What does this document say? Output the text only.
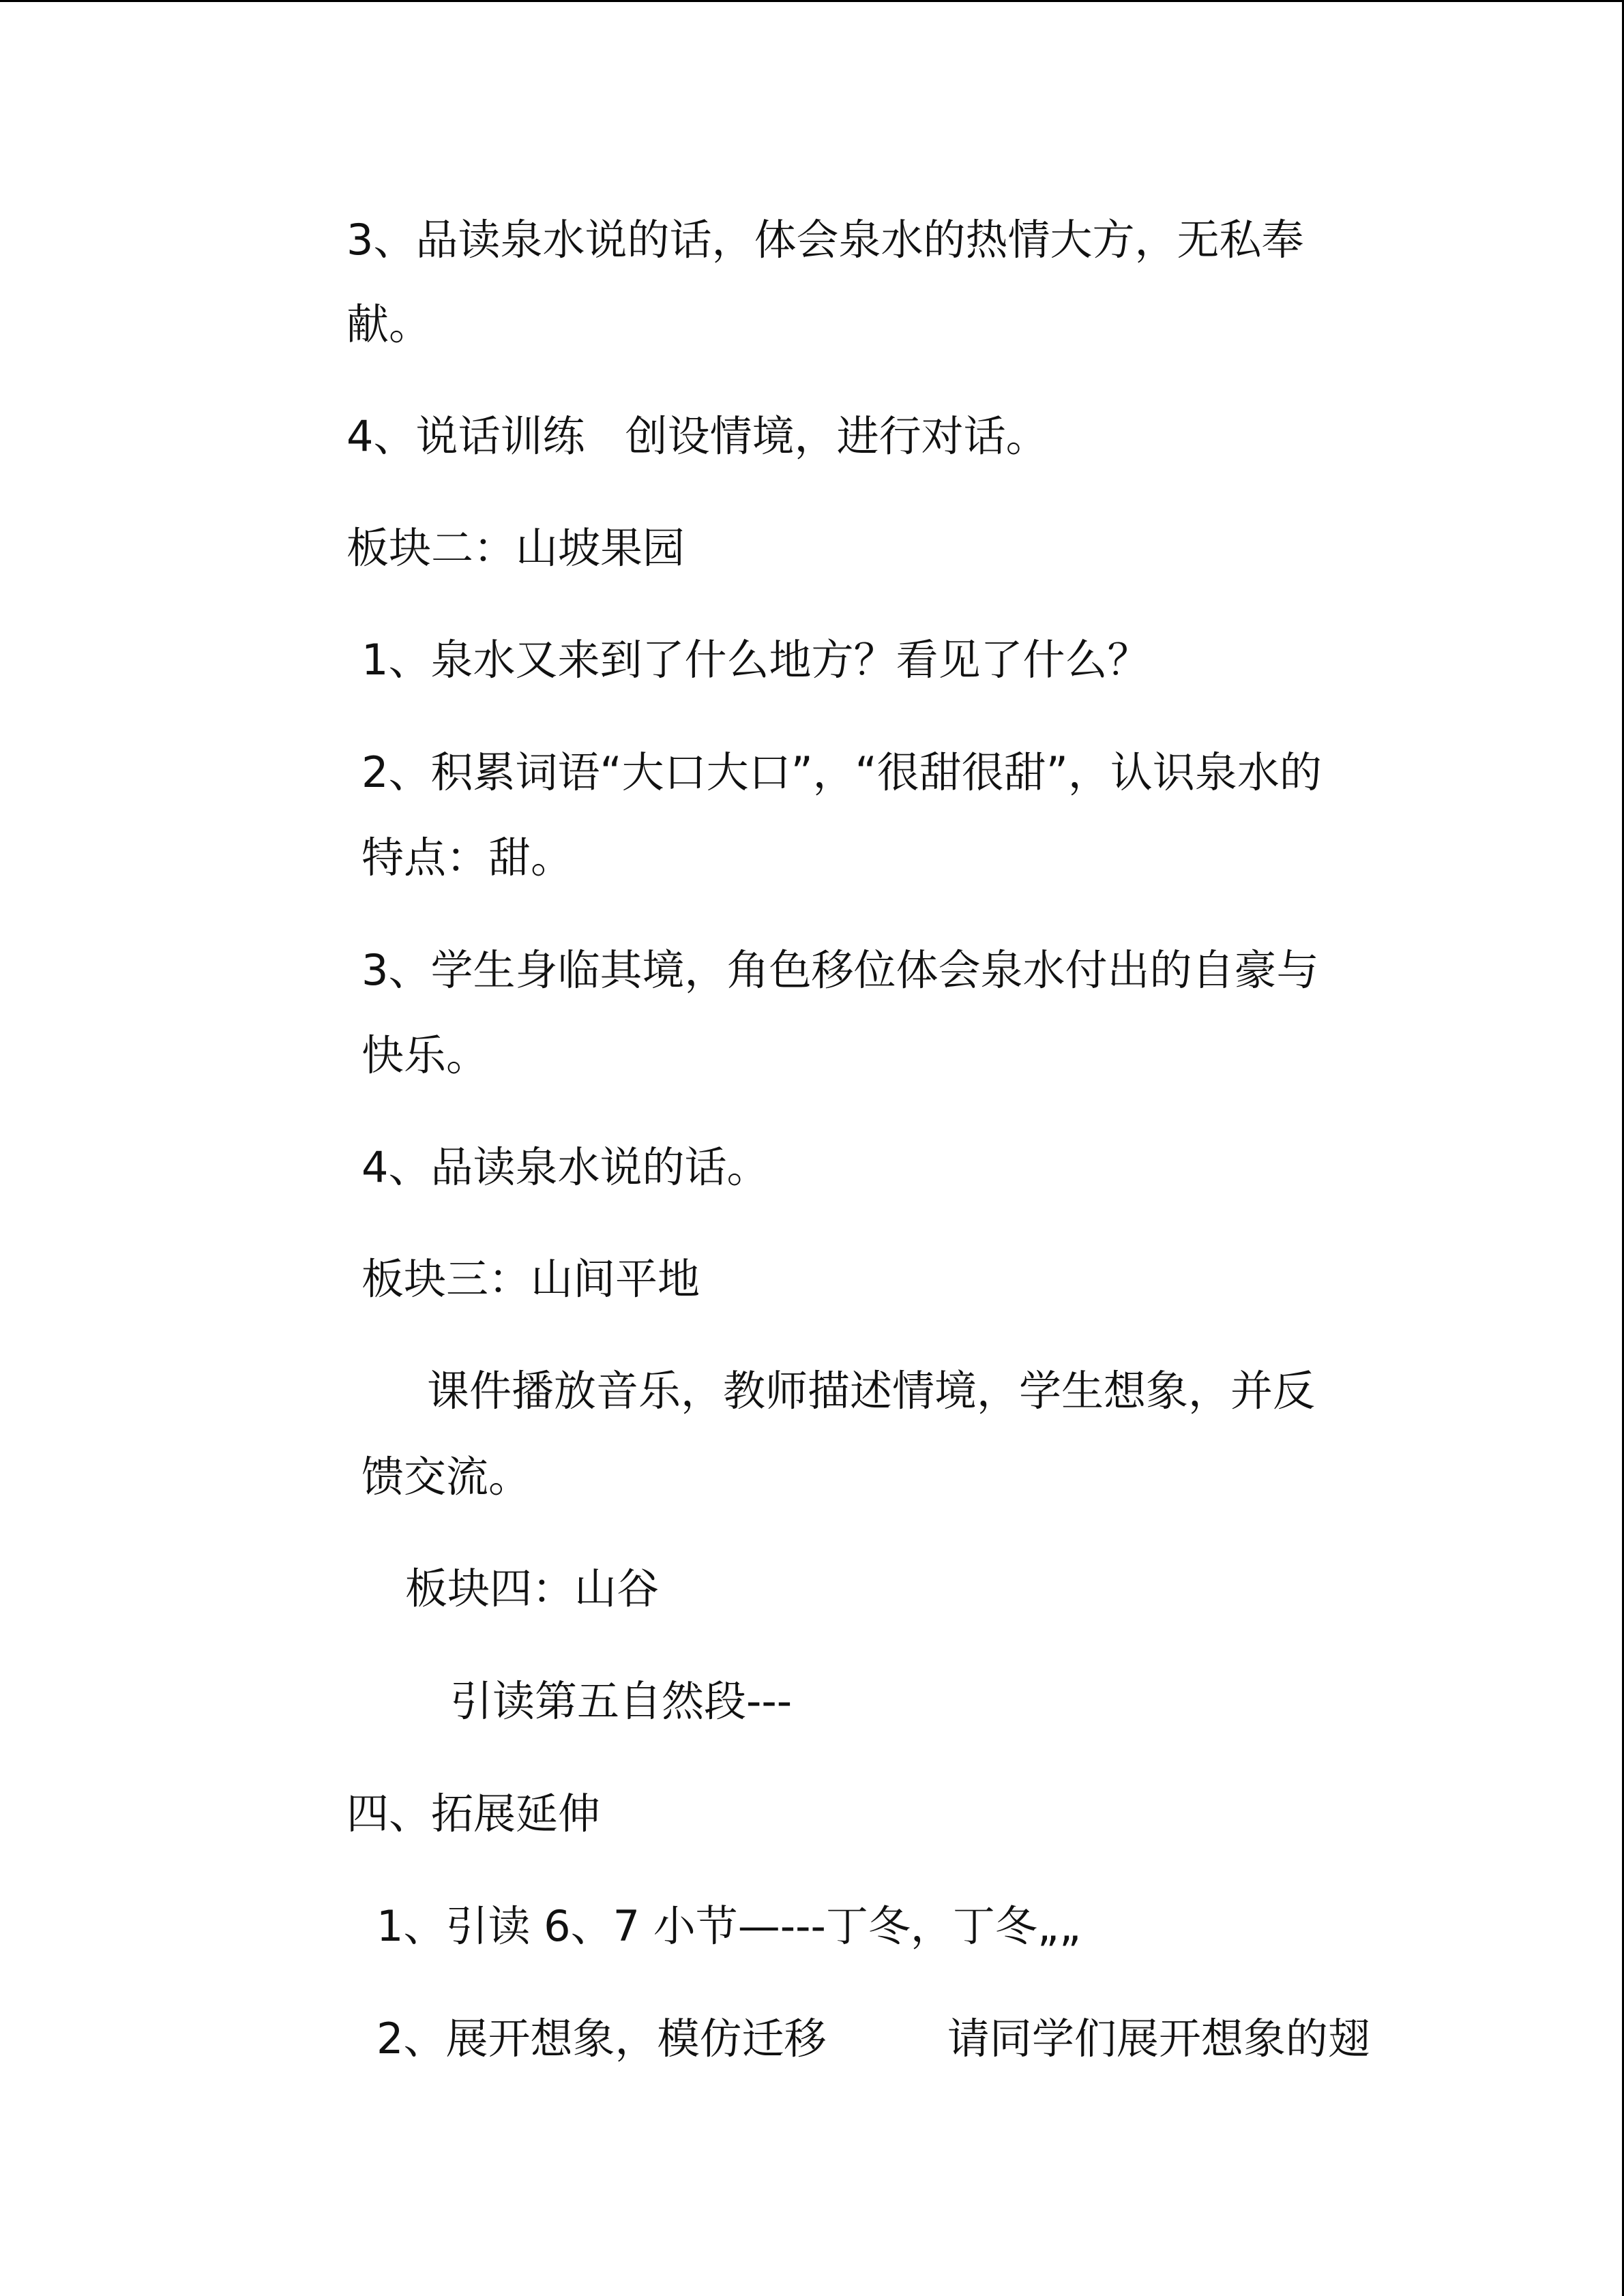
3、品读泉水说的话，体会泉水的热情大方，无私奉

献。

4、说话训练   创设情境，进行对话。

板块二：山坡果园

1、泉水又来到了什么地方？看见了什么？

2、积累词语“大口大口”，“很甜很甜”，认识泉水的

特点：甜。

3、学生身临其境，角色移位体会泉水付出的自豪与

快乐。

4、品读泉水说的话。

板块三：山间平地

课件播放音乐，教师描述情境，学生想象，并反

馈交流。

板块四：山谷

引读第五自然段---

四、拓展延伸

1、引读 6、7 小节—---丁冬，丁冬„„

2、展开想象，模仿迁移         请同学们展开想象的翅
